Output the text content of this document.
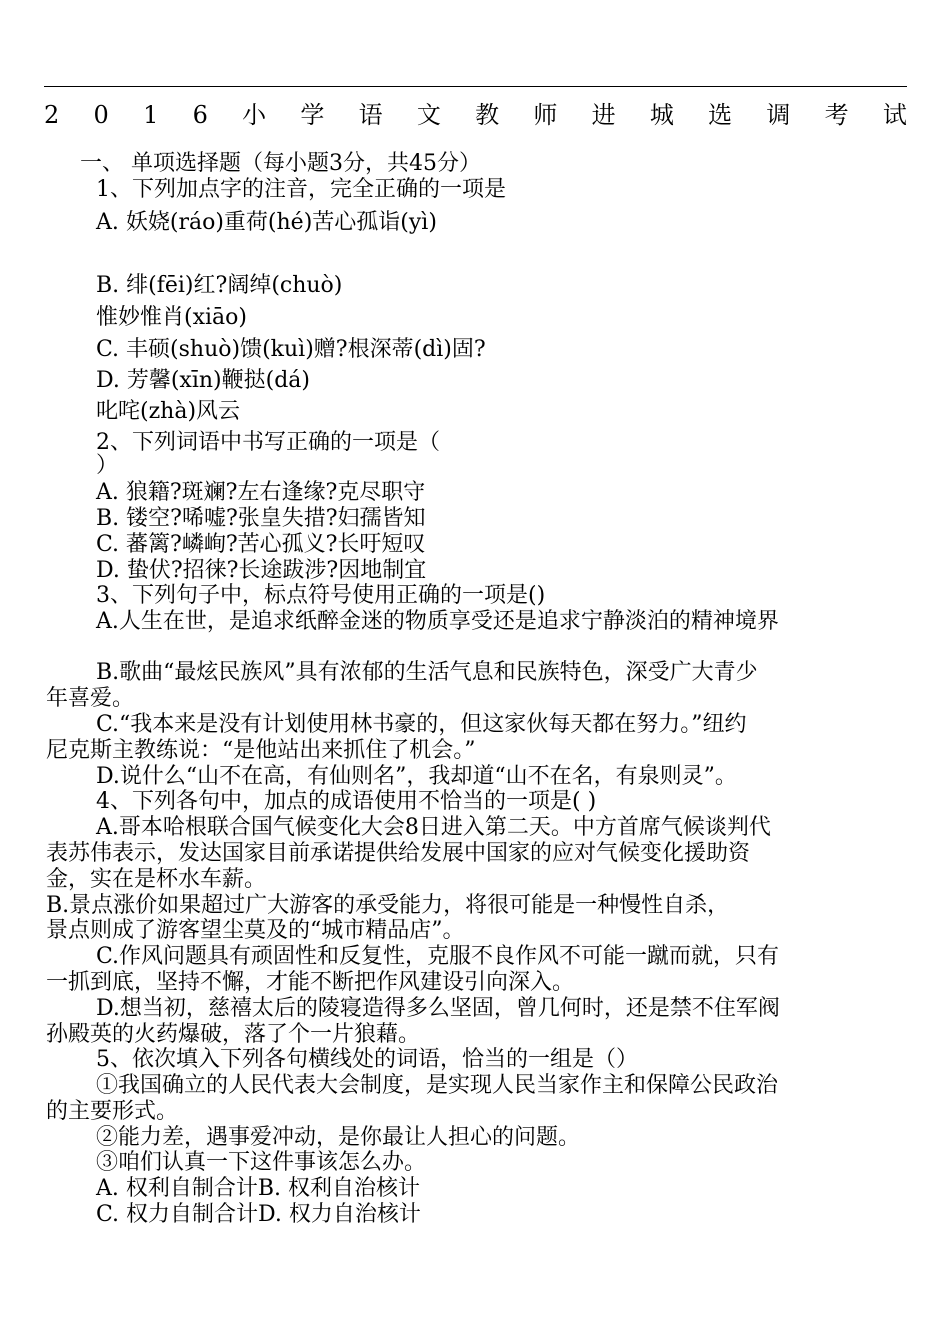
2 0 1 6 小 学 语 文 教 师 进 城 选 调 考 试
一、 单项选择题（每小题3分，共45分）
1、下列加点字的注音，完全正确的一项是
A. 妖娆(ráo)重荷(hé)苦心孤诣(yì)
B. 绯(fēi)红?阔绰(chuò)
惟妙惟肖(xiāo)
C. 丰硕(shuò)馈(kuì)赠?根深蒂(dì)固?
D. 芳馨(xīn)鞭挞(dá)
叱咤(zhà)风云
2、下列词语中书写正确的一项是（
）
A. 狼籍?斑斓?左右逢缘?克尽职守
B. 镂空?唏嘘?张皇失措?妇孺皆知
C. 蕃篱?嶙峋?苦心孤义?长吁短叹
D. 蛰伏?招徕?长途跋涉?因地制宜
3、下列句子中，标点符号使用正确的一项是()
A.人生在世，是追求纸醉金迷的物质享受还是追求宁静淡泊的精神境界
B.歌曲“最炫民族风”具有浓郁的生活气息和民族特色，深受广大青少
年喜爱。
C.“我本来是没有计划使用林书豪的，但这家伙每天都在努力。”纽约
尼克斯主教练说：“是他站出来抓住了机会。”
D.说什么“山不在高，有仙则名”，我却道“山不在名，有泉则灵”。
4、下列各句中，加点的成语使用不恰当的一项是( )
A.哥本哈根联合国气候变化大会8日进入第二天。中方首席气候谈判代
表苏伟表示，发达国家目前承诺提供给发展中国家的应对气候变化援助资
金，实在是杯水车薪。
B.景点涨价如果超过广大游客的承受能力，将很可能是一种慢性自杀，
景点则成了游客望尘莫及的“城市精品店”。
C.作风问题具有顽固性和反复性，克服不良作风不可能一蹴而就，只有
一抓到底，坚持不懈，才能不断把作风建设引向深入。
D.想当初，慈禧太后的陵寝造得多么坚固，曾几何时，还是禁不住军阀
孙殿英的火药爆破，落了个一片狼藉。
5、依次填入下列各句横线处的词语，恰当的一组是（）
①我国确立的人民代表大会制度，是实现人民当家作主和保障公民政治
的主要形式。
②能力差，遇事爱冲动，是你最让人担心的问题。
③咱们认真一下这件事该怎么办。
A. 权利自制合计B. 权利自治核计
C. 权力自制合计D. 权力自治核计
